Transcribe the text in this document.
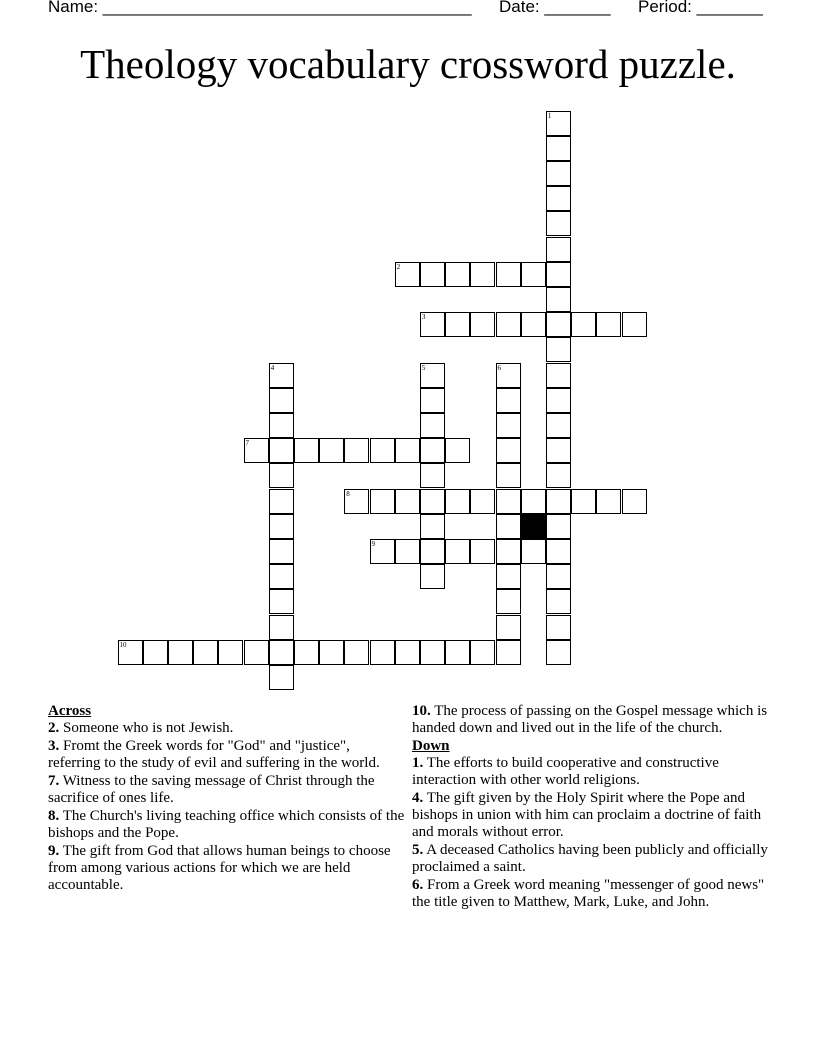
Name: _______________________________________ Date: _______ Period: _______
Theology vocabulary crossword puzzle.
1
2
3
4	5	6
7
8
9
10

Across

2. Someone who is not Jewish.

3. Fromt the Greek words for "God" and "justice", referring to the study of evil and suffering in the world.

7. Witness to the saving message of Christ through the sacrifice of ones life.

8. The Church's living teaching office which consists of the bishops and the Pope.

9. The gift from God that allows human beings to choose from among various actions for which we are held accountable.

10. The process of passing on the Gospel message which is handed down and lived out in the life of the church.

Down

1. The efforts to build cooperative and constructive interaction with other world religions.

4. The gift given by the Holy Spirit where the Pope and bishops in union with him can proclaim a doctrine of faith and morals without error.

5. A deceased Catholics having been publicly and officially proclaimed a saint.

6. From a Greek word meaning "messenger of good news" the title given to Matthew, Mark, Luke, and John.
